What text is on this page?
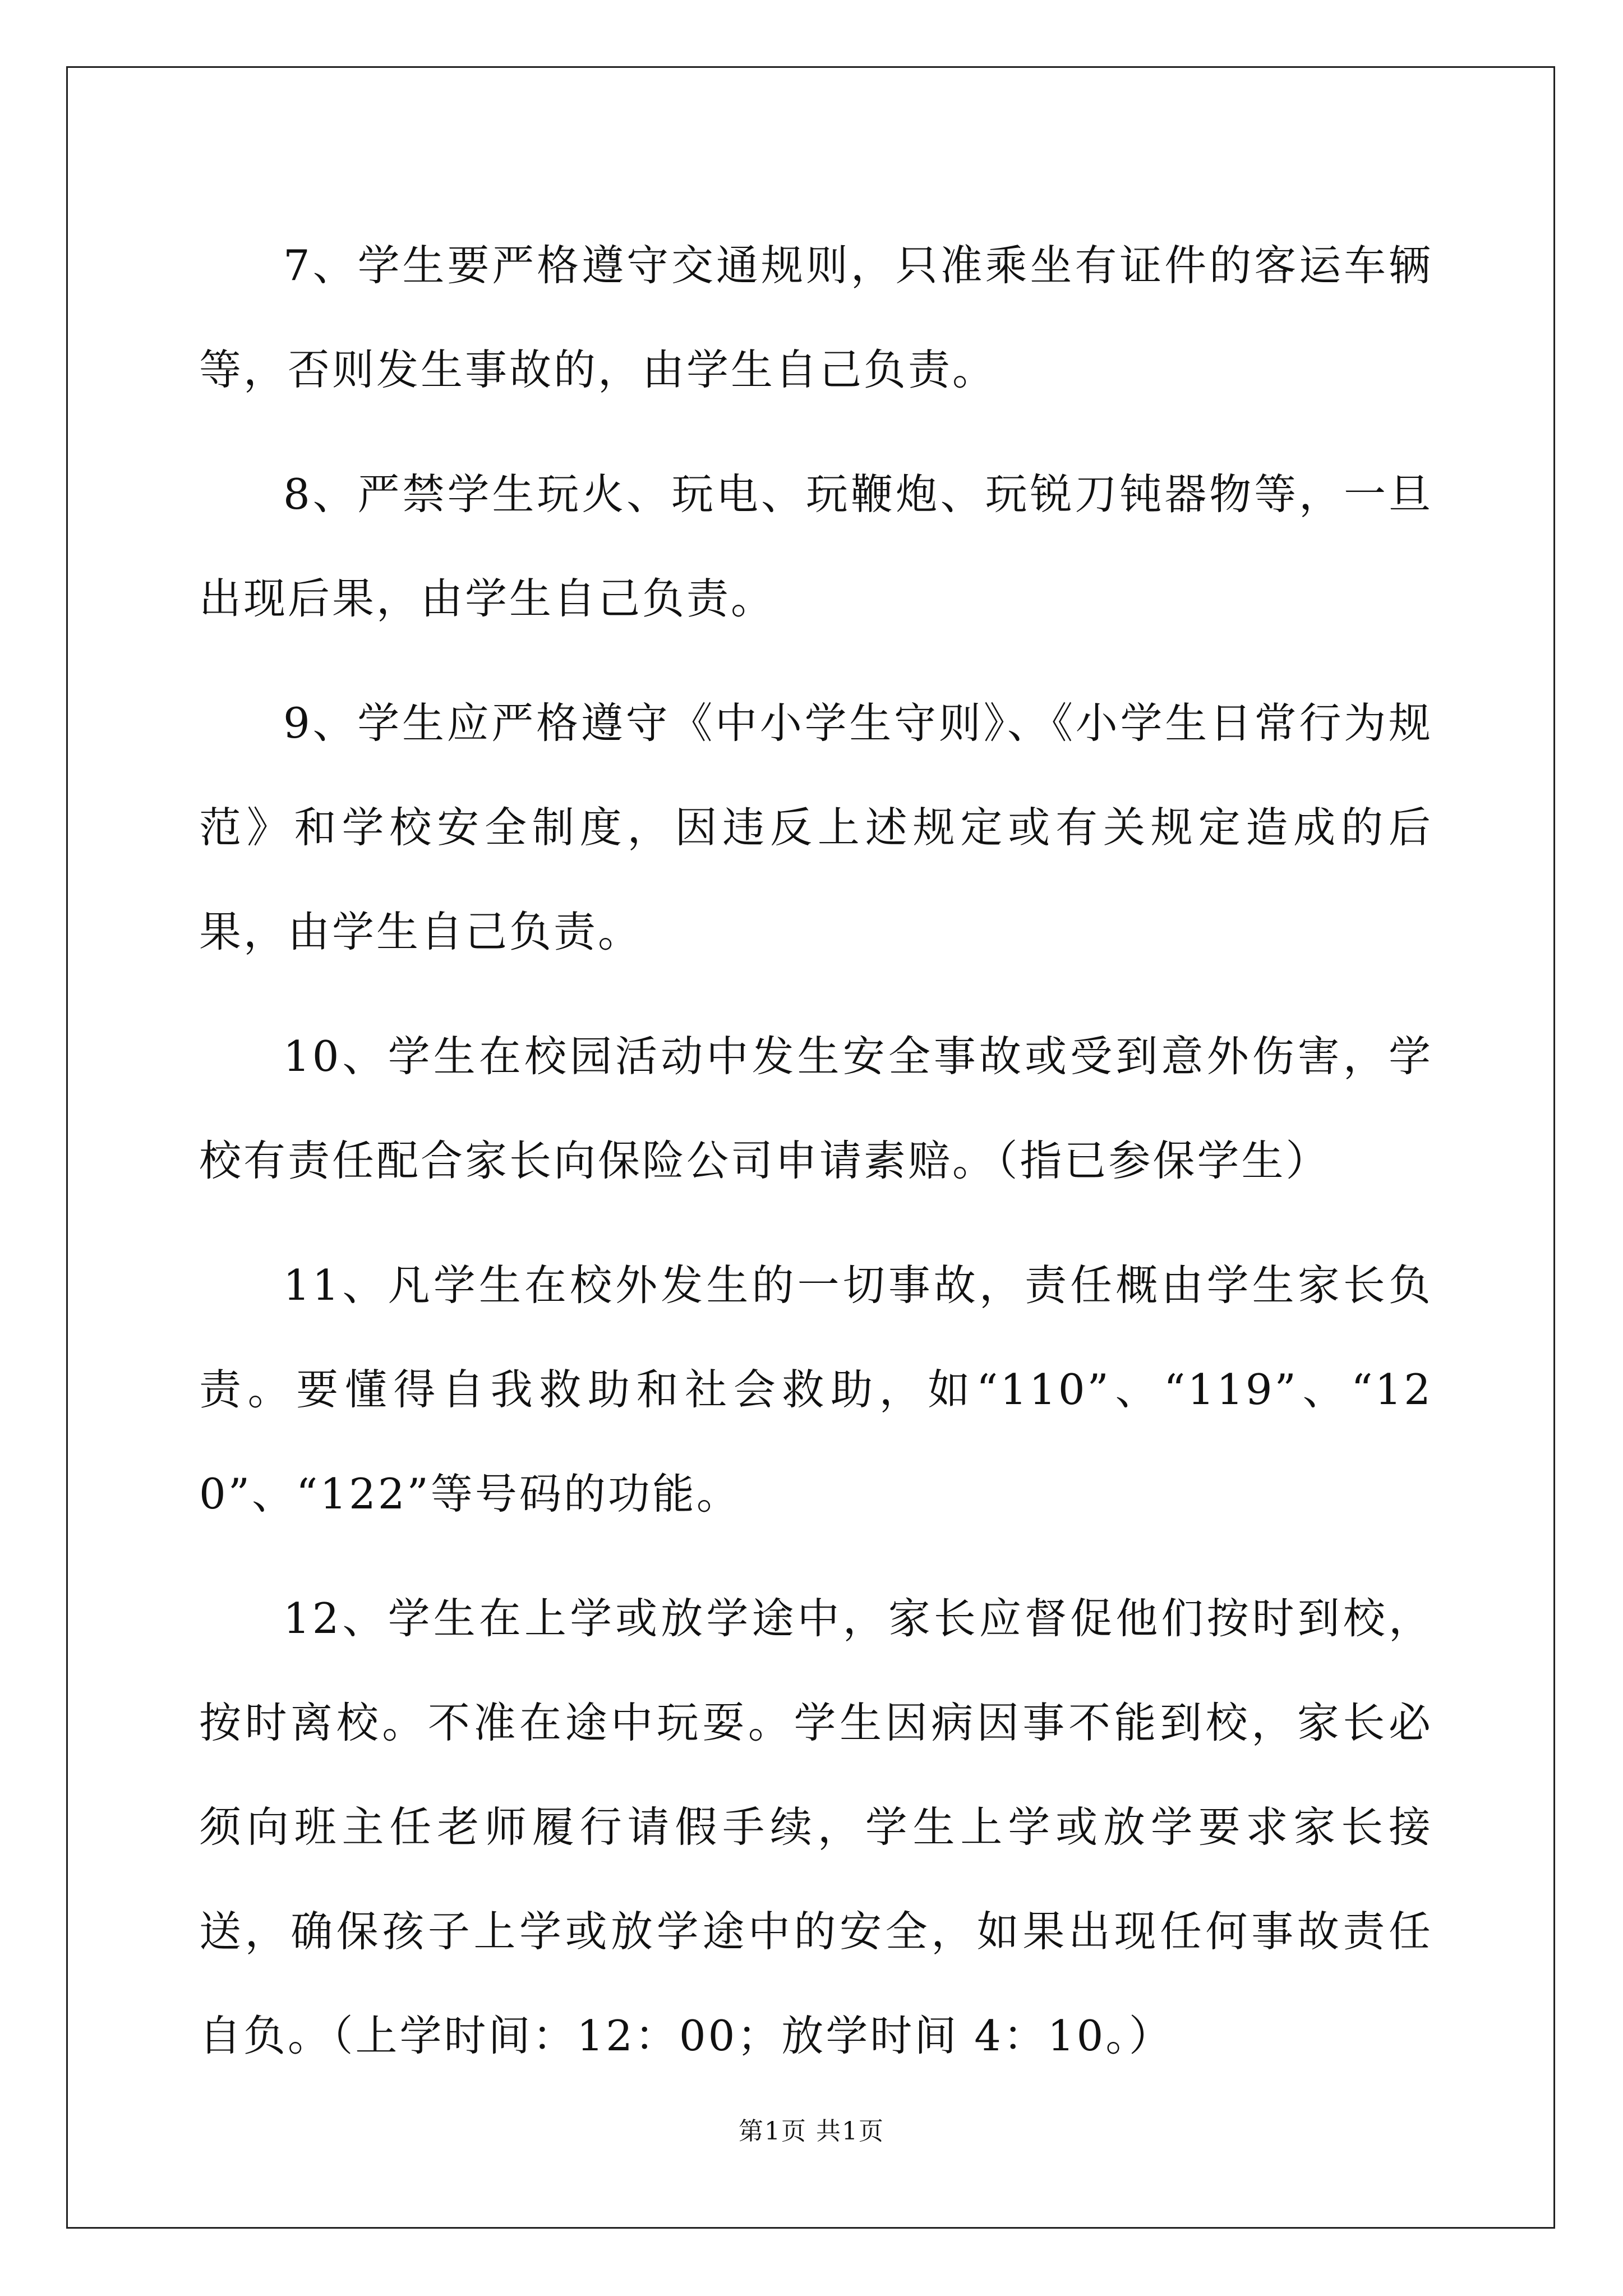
7、学生要严格遵守交通规则，只准乘坐有证件的客运车辆等，否则发生事故的，由学生自己负责。

8、严禁学生玩火、玩电、玩鞭炮、玩锐刀钝器物等，一旦出现后果，由学生自己负责。

9、学生应严格遵守《中小学生守则》、《小学生日常行为规范》和学校安全制度，因违反上述规定或有关规定造成的后果，由学生自己负责。

10、学生在校园活动中发生安全事故或受到意外伤害，学校有责任配合家长向保险公司申请素赔。（指已参保学生）

11、凡学生在校外发生的一切事故，责任概由学生家长负责。要懂得自我救助和社会救助，如“110”、“119”、“120”、“122”等号码的功能。

12、学生在上学或放学途中，家长应督促他们按时到校，按时离校。不准在途中玩耍。学生因病因事不能到校，家长必须向班主任老师履行请假手续，学生上学或放学要求家长接送，确保孩子上学或放学途中的安全，如果出现任何事故责任自负。（上学时间：12：00；放学时间 4：10。）

第1页 共1页
